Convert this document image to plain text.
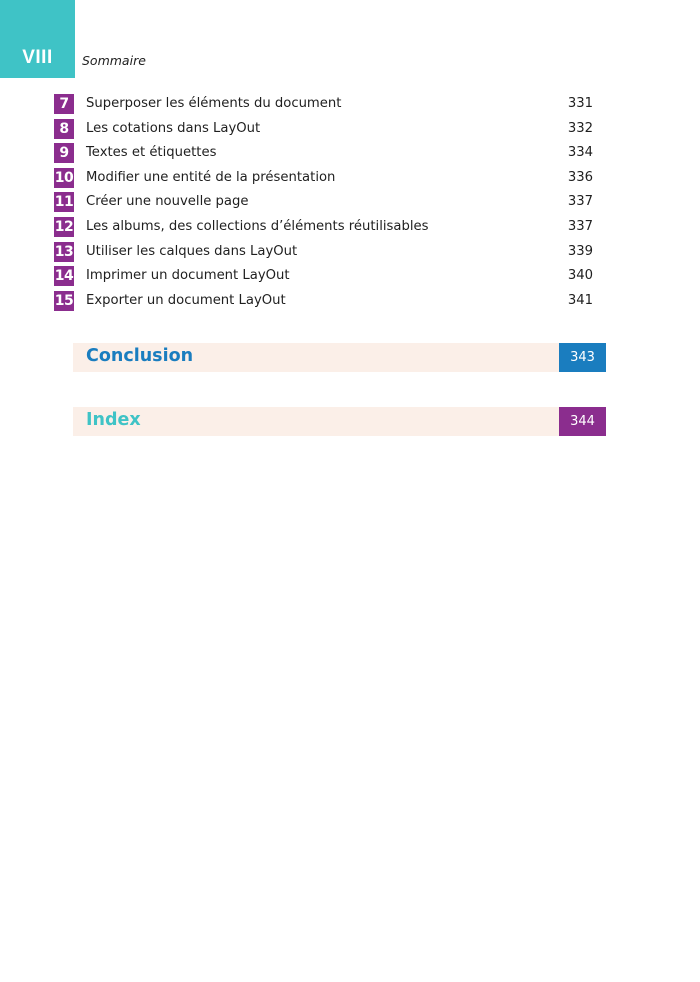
VIII	Sommaire
7	Superposer les éléments du document	331
8	Les cotations dans LayOut	332
9	Textes et étiquettes	334
10 Modifier une entité de la présentation	336
11 Créer une nouvelle page	337
12 Les albums, des collections d’éléments réutilisables	337
13 Utiliser les calques dans LayOut	339
14 Imprimer un document LayOut	340
15 Exporter un document LayOut	341
Conclusion	343
Index	344
